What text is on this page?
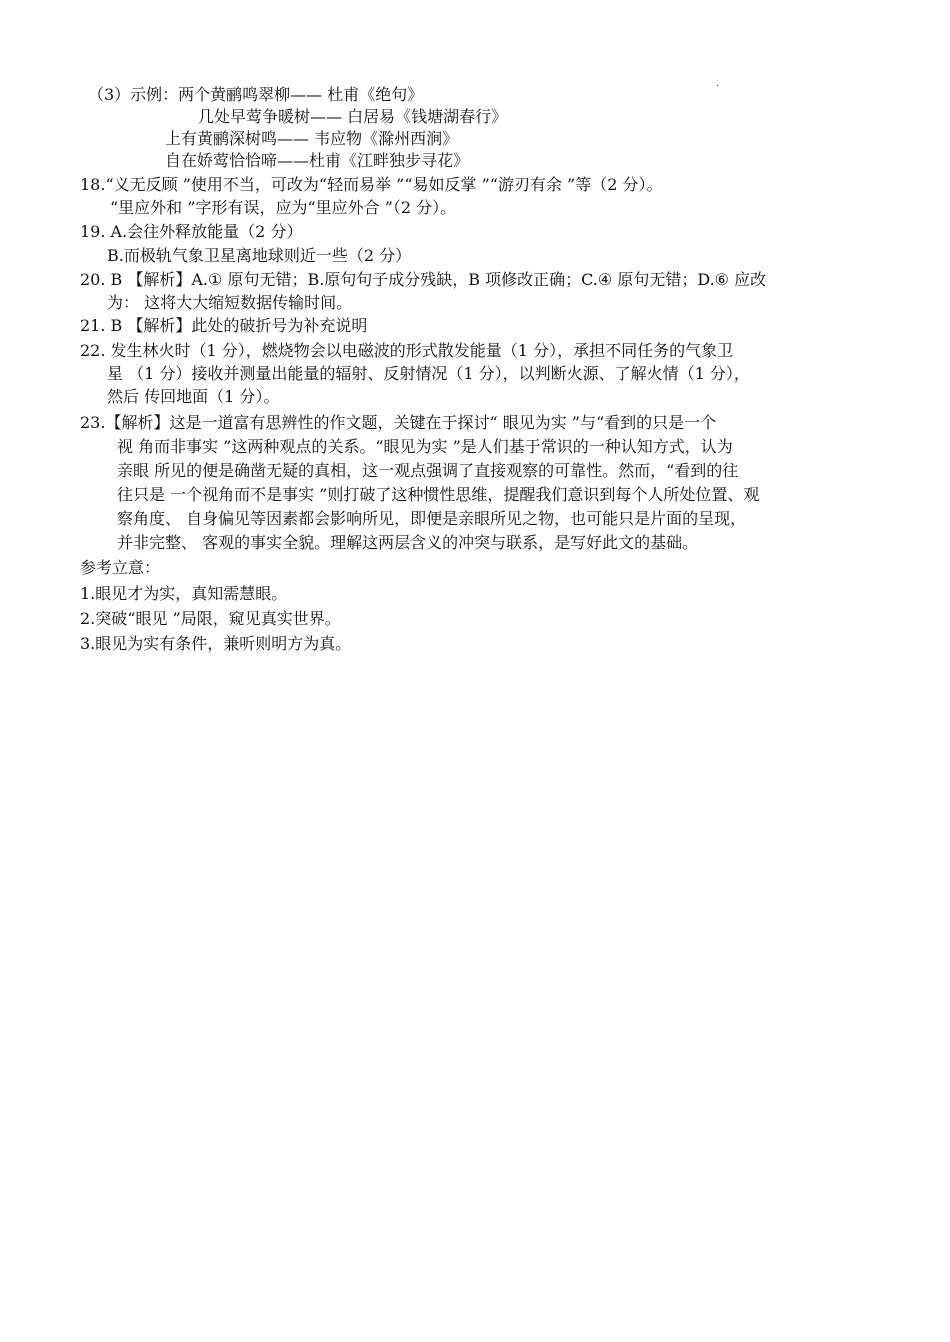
.
（3）示例：两个黄鹂鸣翠柳—— 杜甫《绝句》
几处早莺争暖树—— 白居易《钱塘湖春行》
上有黄鹂深树鸣—— 韦应物《滁州西涧》
自在娇莺恰恰啼——杜甫《江畔独步寻花》
18.“义无反顾 ”使用不当，可改为“轻而易举 ”“易如反掌 ”“游刃有余 ”等（2 分）。
“里应外和 ”字形有误，应为“里应外合 ”（2 分）。
19. A.会往外释放能量（2 分）
B.而极轨气象卫星离地球则近一些（2 分）
20. B 【解析】A.① 原句无错；B.原句句子成分残缺，B 项修改正确；C.④ 原句无错；D.⑥ 应改
为： 这将大大缩短数据传输时间。
21. B 【解析】此处的破折号为补充说明
22. 发生林火时（1 分），燃烧物会以电磁波的形式散发能量（1 分），承担不同任务的气象卫
星 （1 分）接收并测量出能量的辐射、反射情况（1 分），以判断火源、了解火情（1 分），
然后 传回地面（1 分）。
23.【解析】这是一道富有思辨性的作文题，关键在于探讨“ 眼见为实 ”与“看到的只是一个
视 角而非事实 ”这两种观点的关系。“眼见为实 ”是人们基于常识的一种认知方式，认为
亲眼 所见的便是确凿无疑的真相，这一观点强调了直接观察的可靠性。然而，“看到的往
往只是 一个视角而不是事实 ”则打破了这种惯性思维，提醒我们意识到每个人所处位置、观
察角度、 自身偏见等因素都会影响所见，即便是亲眼所见之物，也可能只是片面的呈现，
并非完整、 客观的事实全貌。理解这两层含义的冲突与联系，是写好此文的基础。
参考立意：
1.眼见才为实，真知需慧眼。
2.突破“眼见 ”局限，窥见真实世界。
3.眼见为实有条件，兼听则明方为真。
